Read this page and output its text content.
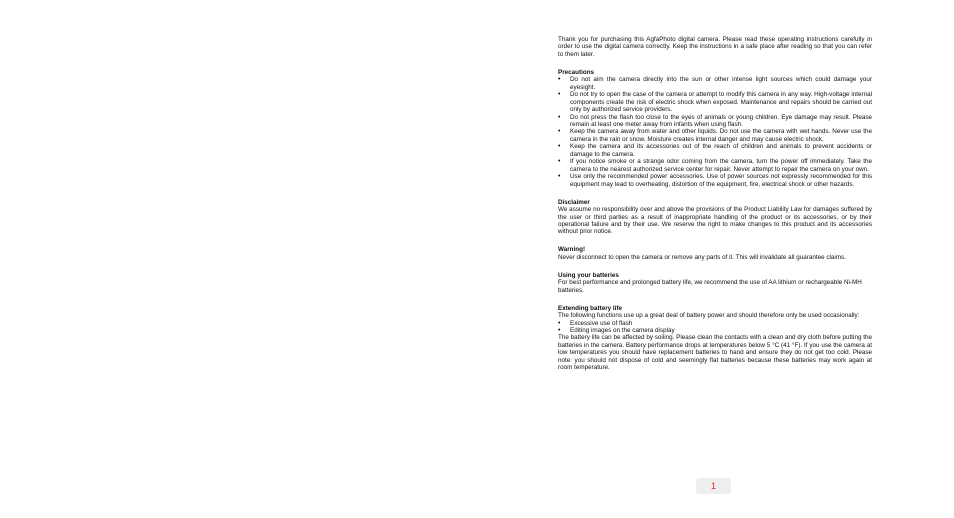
Thank you for purchasing this AgfaPhoto digital camera. Please read these operating instructions carefully in order to use the digital camera correctly. Keep the instructions in a safe place after reading so that you can refer to them later.

Precautions

• Do not aim the camera directly into the sun or other intense light sources which could damage your eyesight.
• Do not try to open the case of the camera or attempt to modify this camera in any way. High-voltage internal components create the risk of electric shock when exposed. Maintenance and repairs should be carried out only by authorized service providers.
• Do not press the flash too close to the eyes of animals or young children. Eye damage may result. Please remain at least one meter away from infants when using flash.
• Keep the camera away from water and other liquids. Do not use the camera with wet hands. Never use the camera in the rain or snow. Moisture creates internal danger and may cause electric shock.
• Keep the camera and its accessories out of the reach of children and animals to prevent accidents or damage to the camera.
• If you notice smoke or a strange odor coming from the camera, turn the power off immediately. Take the camera to the nearest authorized service center for repair. Never attempt to repair the camera on your own.
• Use only the recommended power accessories. Use of power sources not expressly recommended for this equipment may lead to overheating, distortion of the equipment, fire, electrical shock or other hazards.

Disclaimer

We assume no responsibility over and above the provisions of the Product Liability Law for damages suffered by the user or third parties as a result of inappropriate handling of the product or its accessories, or by their operational failure and by their use. We reserve the right to make changes to this product and its accessories without prior notice.

Warning!

Never disconnect to open the camera or remove any parts of it. This will invalidate all guarantee claims.

Using your batteries

For best performance and prolonged battery life, we recommend the use of AA lithium or rechargeable Ni-MH batteries.

Extending battery life

The following functions use up a great deal of battery power and should therefore only be used occasionally:

• Excessive use of flash
• Editing images on the camera display

The battery life can be affected by soiling. Please clean the contacts with a clean and dry cloth before putting the batteries in the camera. Battery performance drops at temperatures below 5 °C (41 °F). If you use the camera at low temperatures you should have replacement batteries to hand and ensure they do not get too cold. Please note: you should not dispose of cold and seemingly flat batteries because these batteries may work again at room temperature.

1
